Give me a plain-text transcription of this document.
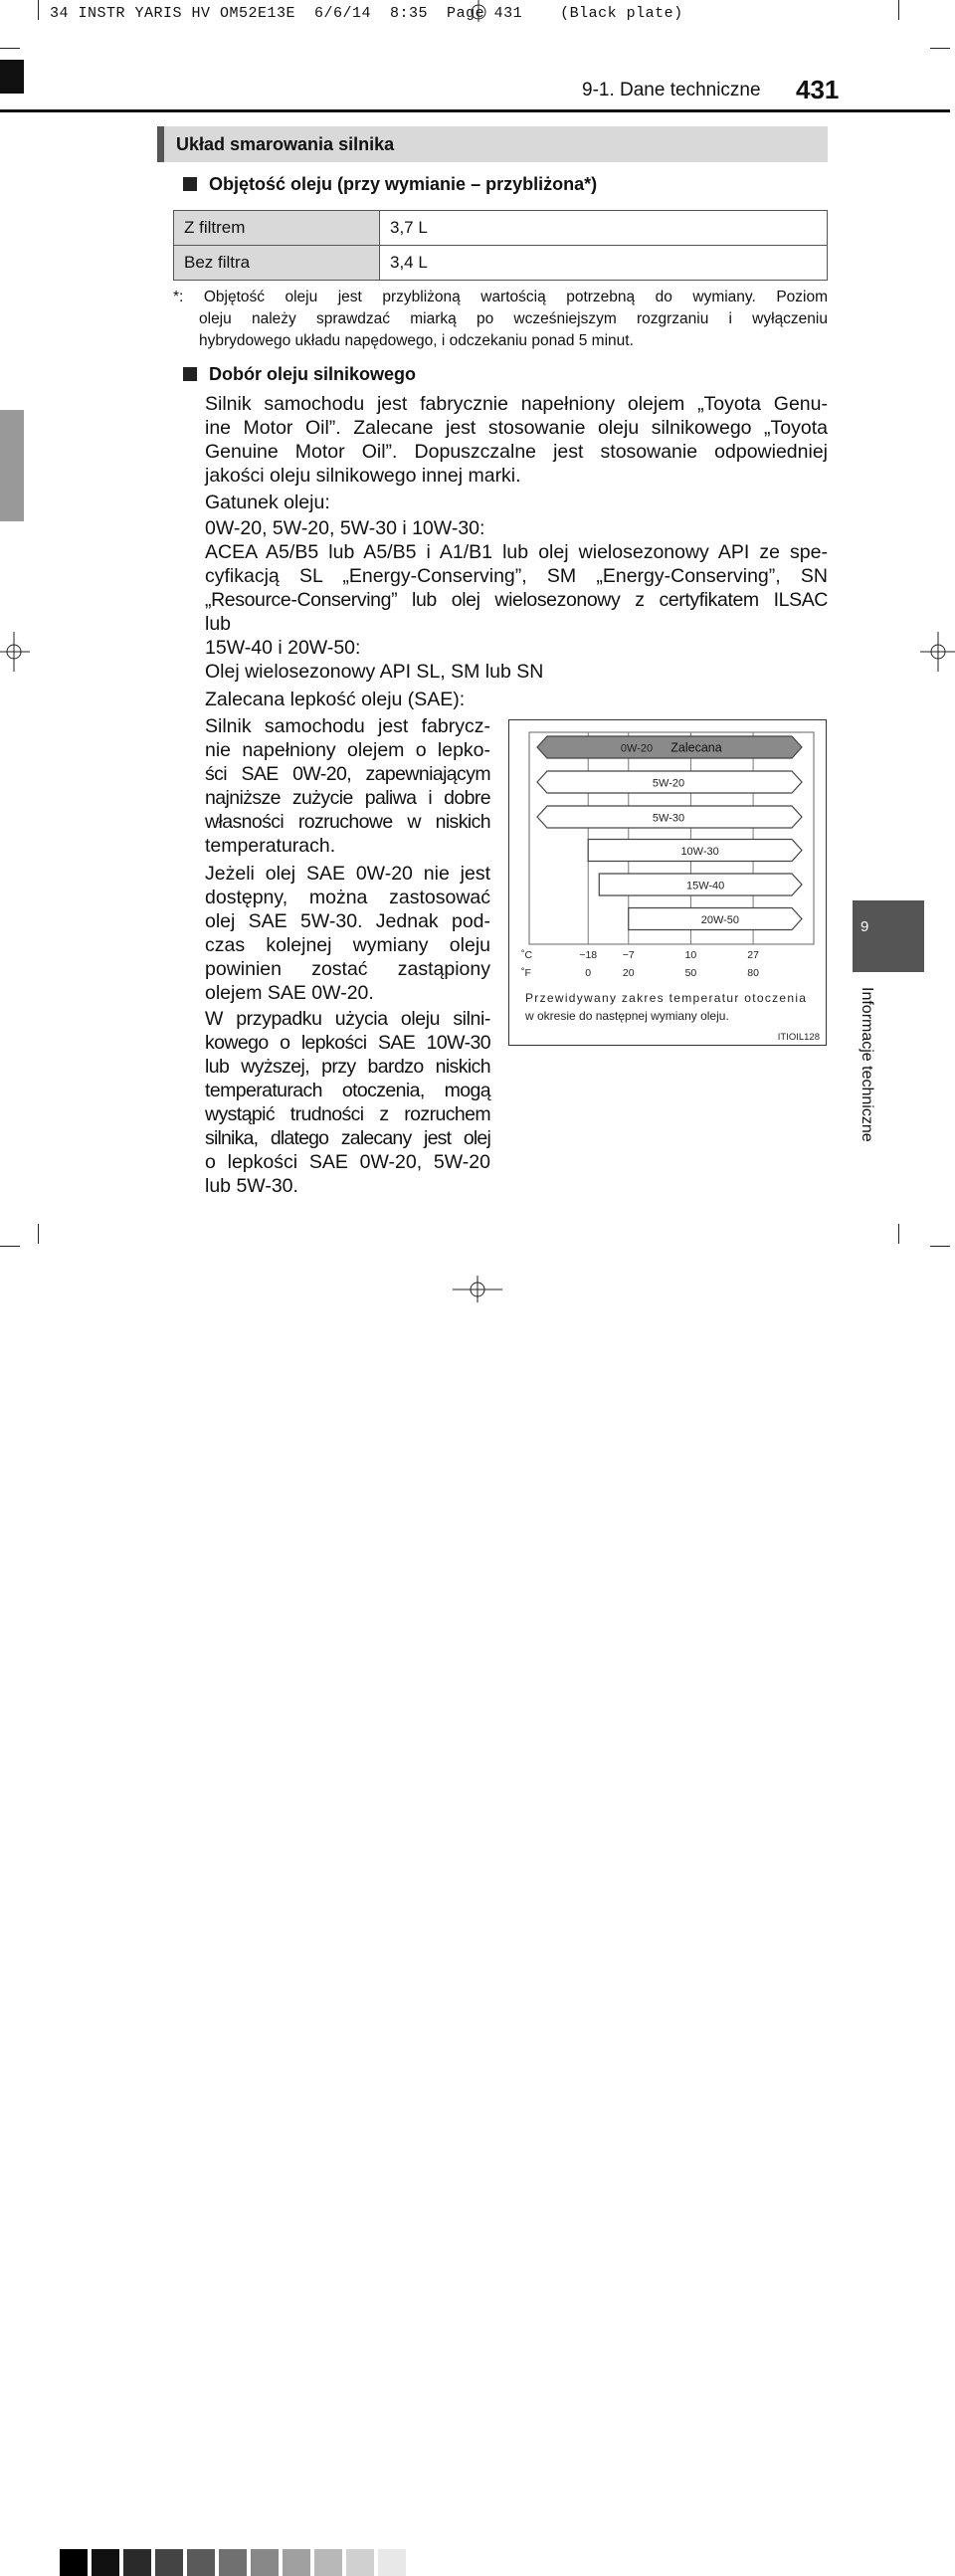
34 INSTR YARIS HV OM52E13E  6/6/14  8:35  Page 431    (Black plate)
9-1. Dane techniczne 431
Układ smarowania silnika
Objętość oleju (przy wymianie – przybliżona*)
Z filtrem	3,7 L
Bez filtra	3,4 L
*: Objętość oleju jest przybliżoną wartością potrzebną do wymiany. Poziom
oleju należy sprawdzać miarką po wcześniejszym rozgrzaniu i wyłączeniu
hybrydowego układu napędowego, i odczekaniu ponad 5 minut.
Dobór oleju silnikowego
Silnik samochodu jest fabrycznie napełniony olejem „Toyota Genu-
ine Motor Oil”. Zalecane jest stosowanie oleju silnikowego „Toyota
Genuine Motor Oil”. Dopuszczalne jest stosowanie odpowiedniej
jakości oleju silnikowego innej marki.
Gatunek oleju:
0W-20, 5W-20, 5W-30 i 10W-30:
ACEA A5/B5 lub A5/B5 i A1/B1 lub olej wielosezonowy API ze spe-
cyfikacją SL „Energy-Conserving”, SM „Energy-Conserving”, SN
„Resource-Conserving” lub olej wielosezonowy z certyfikatem ILSAC
lub
15W-40 i 20W-50:
Olej wielosezonowy API SL, SM lub SN
Zalecana lepkość oleju (SAE):
Silnik samochodu jest fabrycz-
nie napełniony olejem o lepko-
ści SAE 0W-20, zapewniającym
najniższe zużycie paliwa i dobre
własności rozruchowe w niskich
temperaturach.
Jeżeli olej SAE 0W-20 nie jest
dostępny, można zastosować
olej SAE 5W-30. Jednak pod-
czas kolejnej wymiany oleju
powinien zostać zastąpiony
olejem SAE 0W-20.
W przypadku użycia oleju silni-
kowego o lepkości SAE 10W-30
lub wyższej, przy bardzo niskich
temperaturach otoczenia, mogą
wystąpić trudności z rozruchem
silnika, dlatego zalecany jest olej
o lepkości SAE 0W-20, 5W-20
lub 5W-30.
0W-20 Zalecana
5W-20
5W-30
10W-30
15W-40
20W-50
˚C
˚F
−18 −7	10	27
0	20	50	80
Przewidywany zakres temperatur otoczenia
w okresie do następnej wymiany oleju.
ITIOIL128
9
Informacje techniczne
